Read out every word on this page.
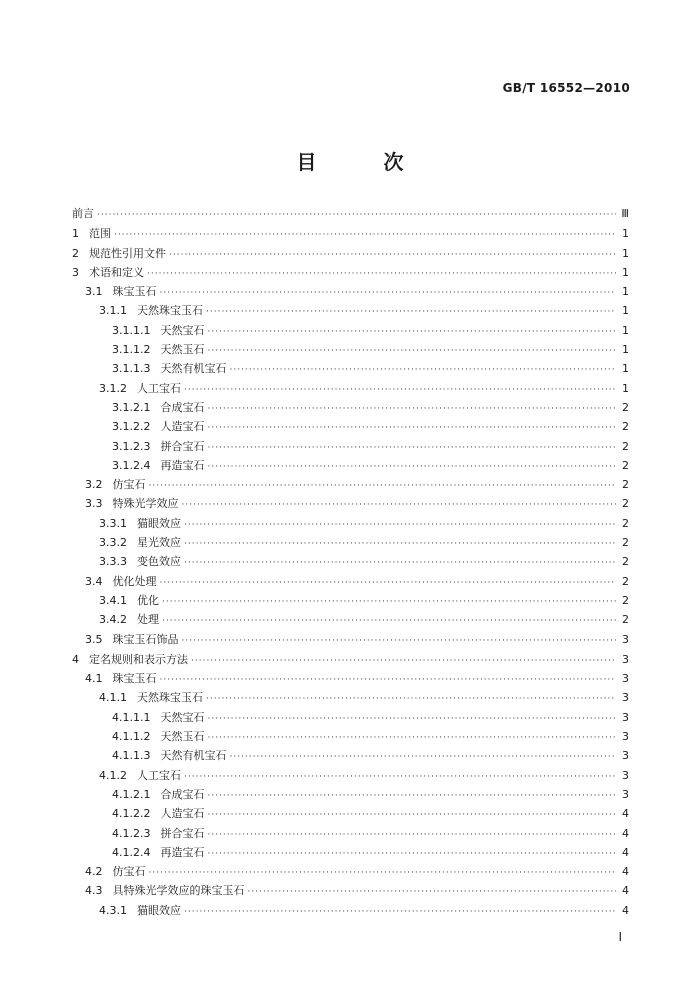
GB/T 16552—2010
目 次
前言 ·····	Ⅲ
1 范围 ·····	1
2 规范性引用文件 ·····	1
3 术语和定义 ·····	1
3.1 珠宝玉石 ·····	1
3.1.1 天然珠宝玉石 ·····	1
3.1.1.1 天然宝石 ·····	1
3.1.1.2 天然玉石 ·····	1
3.1.1.3 天然有机宝石 ·····	1
3.1.2 人工宝石 ·····	1
3.1.2.1 合成宝石 ·····	2
3.1.2.2 人造宝石 ·····	2
3.1.2.3 拼合宝石 ·····	2
3.1.2.4 再造宝石 ·····	2
3.2 仿宝石 ·····	2
3.3 特殊光学效应 ·····	2
3.3.1 猫眼效应 ·····	2
3.3.2 星光效应 ·····	2
3.3.3 变色效应 ·····	2
3.4 优化处理 ·····	2
3.4.1 优化 ·····	2
3.4.2 处理 ·····	2
3.5 珠宝玉石饰品 ·····	3
4 定名规则和表示方法 ·····	3
4.1 珠宝玉石 ·····	3
4.1.1 天然珠宝玉石 ·····	3
4.1.1.1 天然宝石 ·····	3
4.1.1.2 天然玉石 ·····	3
4.1.1.3 天然有机宝石 ·····	3
4.1.2 人工宝石 ·····	3
4.1.2.1 合成宝石 ·····	3
4.1.2.2 人造宝石 ·····	4
4.1.2.3 拼合宝石 ·····	4
4.1.2.4 再造宝石 ·····	4
4.2 仿宝石 ·····	4
4.3 具特殊光学效应的珠宝玉石 ·····	4
4.3.1 猫眼效应 ·····	4
I
